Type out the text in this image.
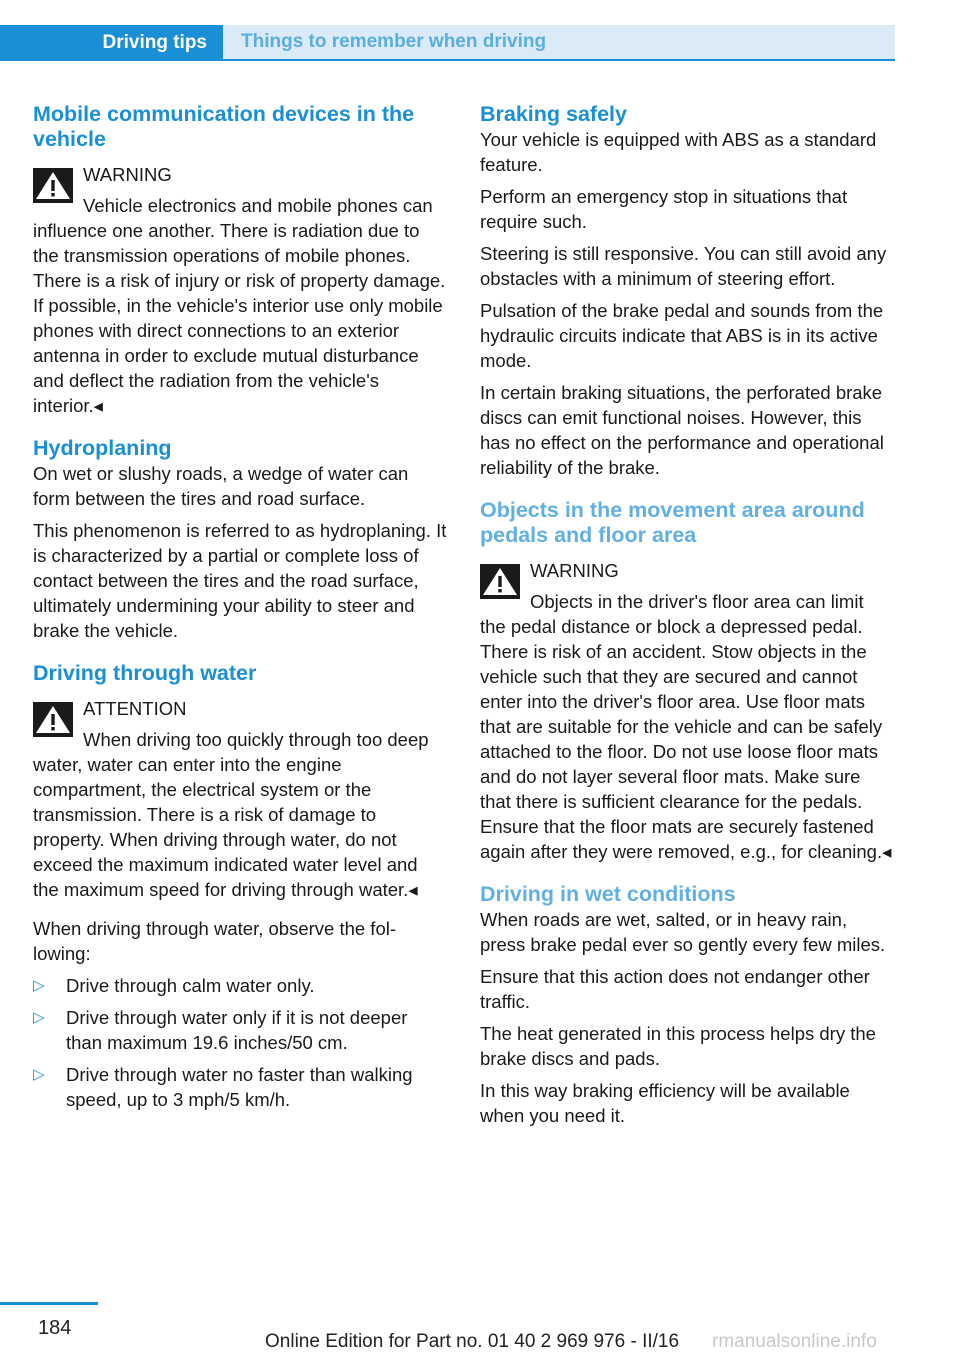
Driving tips	Things to remember when driving
Mobile communication devices in the vehicle

WARNING

Vehicle electronics and mobile phones can influence one another. There is radiation due to the transmission operations of mobile phones. There is a risk of injury or risk of property damage. If possible, in the vehicle's interior use only mobile phones with direct connections to an exterior antenna in order to exclude mutual disturbance and deflect the radiation from the vehicle's interior.◂

Hydroplaning

On wet or slushy roads, a wedge of water can form between the tires and road surface.

This phenomenon is referred to as hydroplaning. It is characterized by a partial or complete loss of contact between the tires and the road surface, ultimately undermining your ability to steer and brake the vehicle.

Driving through water

ATTENTION

When driving too quickly through too deep water, water can enter into the engine compartment, the electrical system or the transmission. There is a risk of damage to property. When driving through water, do not exceed the maximum indicated water level and the maximum speed for driving through water.◂

When driving through water, observe the following:

▷ Drive through calm water only.
▷ Drive through water only if it is not deeper than maximum 19.6 inches/50 cm.
▷ Drive through water no faster than walking speed, up to 3 mph/5 km/h.
Braking safely

Your vehicle is equipped with ABS as a standard feature.

Perform an emergency stop in situations that require such.

Steering is still responsive. You can still avoid any obstacles with a minimum of steering effort.

Pulsation of the brake pedal and sounds from the hydraulic circuits indicate that ABS is in its active mode.

In certain braking situations, the perforated brake discs can emit functional noises. However, this has no effect on the performance and operational reliability of the brake.

Objects in the movement area around pedals and floor area

WARNING

Objects in the driver's floor area can limit the pedal distance or block a depressed pedal. There is risk of an accident. Stow objects in the vehicle such that they are secured and cannot enter into the driver's floor area. Use floor mats that are suitable for the vehicle and can be safely attached to the floor. Do not use loose floor mats and do not layer several floor mats. Make sure that there is sufficient clearance for the pedals. Ensure that the floor mats are securely fastened again after they were removed, e.g., for cleaning.◂

Driving in wet conditions

When roads are wet, salted, or in heavy rain, press brake pedal ever so gently every few miles.

Ensure that this action does not endanger other traffic.

The heat generated in this process helps dry the brake discs and pads.

In this way braking efficiency will be available when you need it.

184
Online Edition for Part no. 01 40 2 969 976 - II/16 rmanualsonline.info
